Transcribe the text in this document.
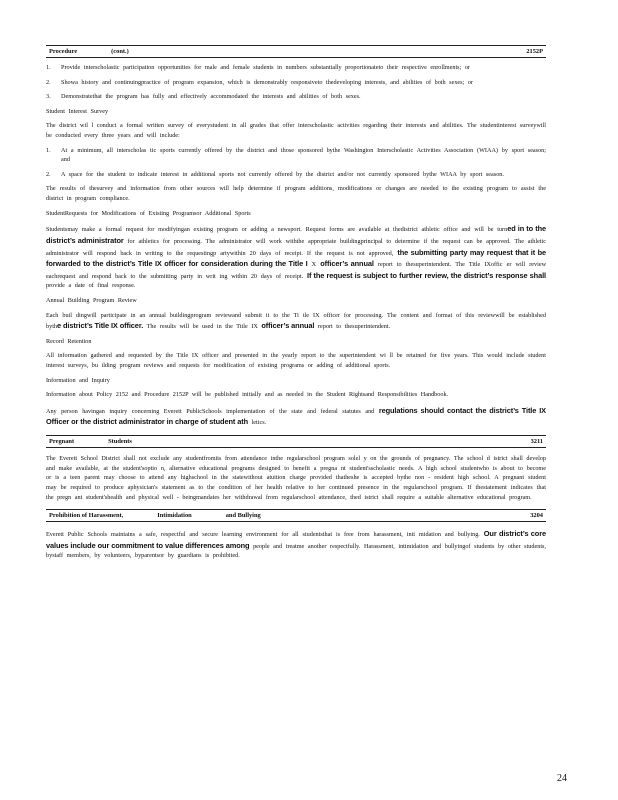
Procedure	(cont.)	2152P
1.	Provide interscholastic participation opportunities for male and female students in numbers substantially proportionateto their respective enrollments; or
2.	Showa history and continuingpractice of program expansion, which is demonstrably responsiveto thedeveloping interests, and abilities of both sexes; or
3.	Demonstratethat the program has fully and effectively accommodated the interests and abilities of both sexes.

Student Interest Survey

The district wil l conduct a formal written survey of everystudent in all grades that offer interscholastic activities regarding their interests and abilities. The studentinterest surveywill be conducted every three years and will include:

1.	At a minimum, all interscholas tic sports currently offered by the district and those sponsored bythe Washington Interscholastic Activities Association (WIAA) by sport season; and
2.	A space for the student to indicate interest in additional sports not currently offered by the district and/or not currently sponsored bythe WIAA by sport season.

The results of thesurvey and information from other sources will help determine if program additions, modifications or changes are needed to the existing program to assist the district in program compliance.

StudentRequests for Modifications of Existing Programsor Additional Sports

Studentsmay make a formal request for modifyingan existing program or adding a newsport. Request forms are available at thedistrict athletic office and will be turned in to the district’s administrator for athletics for processing. The administrator will work withthe appropriate buildingprincipal to determine if the request can be approved. The athletic administrator will respond back in writing to the requestingp artywithin 20 days of receipt. If the request is not approved, the submitting party may request that it be forwarded to the district’s Title IX officer for consideration during the Title I X officer’s annual report to thesuperintendent. The Title IXoffic er will review eachrequest and respond back to the submitting party in writ ing within 20 days of receipt. If the request is subject to further review, the district’s response shall provide a date of final response.

Annual Building Program Review

Each buil dingwill participate in an annual buildingprogram reviewand submit it to the Ti tle IX officer for processing. The content and format of this reviewwill be established bythe district’s Title IX officer. The results will be used in the Title IX officer’s annual report to thesuperintendent.

Record Retention

All information gathered and requested by the Title IX officer and presented in the yearly report to the superintendent wi ll be retained for five years. This would include student interest surveys, bu ilding program reviews and requests for modification of existing programs or adding of additional sports.

Information and Inquiry

Information about Policy 2152 and Procedure 2152P will be published initially and as needed in the Student Rightsand Responsibilities Handbook.

Any person havingan inquiry concerning Everett PublicSchools implementation of the state and federal statutes and regulations should contact the district’s Title IX Officer or the district administrator in charge of student ath letics.

Pregnant	Students	3211

The Everett School District shall not exclude any studentfromits from attendance inthe regularschool program solel y on the grounds of pregnancy. The school d istrict shall develop and make available, at the student'soptio n, alternative educational programs designed to benefit a pregna nt student'sscholastic needs. A high school studentwho is about to become or is a teen parent may choose to attend any highschool in the statewithout atuition charge provided thatheshe is accepted bythe non - resident high school. A pregnant student may be required to produce aphysician's statement as to the condition of her health relative to her continued presence in the regularschool program. If thestatement indicates that the pregn ant student'shealth and physical well - beingmandates her withdrawal from regularschool attendance, thed istrict shall require a suitable alternative educational program.

Prohibition of Harassment,	Intimidation	and Bullying	3204

Everett Public Schools maintains a safe, respectful and secure learning environment for all studentsthat is free from harassment, inti midation and bullying. Our district’s core values include our commitment to value differences among people and treatme another respectfully. Harassment, intimidation and bullyingof students by other students, bystaff members, by volunteers, byparentsor by guardians is prohibited.

24
